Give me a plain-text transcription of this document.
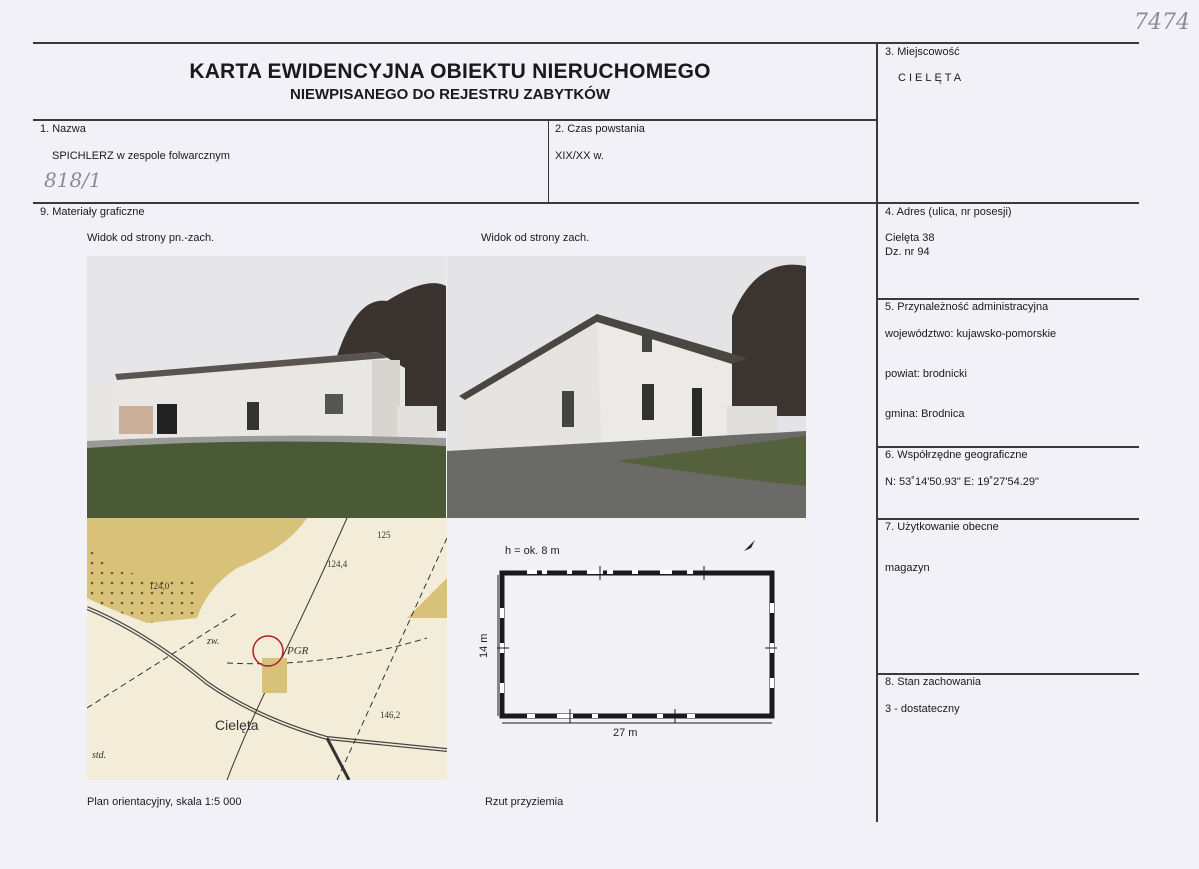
7474
KARTA EWIDENCYJNA OBIEKTU NIERUCHOMEGO
NIEWPISANEGO DO REJESTRU ZABYTKÓW
1. Nazwa
SPICHLERZ w zespole folwarcznym
818/1
2. Czas powstania
XIX/XX w.
3. Miejscowość
CIELĘTA
4. Adres (ulica, nr posesji)
Cielęta 38
Dz. nr 94
5. Przynależność administracyjna
województwo: kujawsko-pomorskie
powiat: brodnicki
gmina: Brodnica
6. Współrzędne geograficzne
N: 53˚14'50.93" E: 19˚27'54.29"
7. Użytkowanie obecne
magazyn
8. Stan zachowania
3 - dostateczny
9. Materiały graficzne
Widok od strony pn.-zach.	Widok od strony zach.
Plan orientacyjny, skala 1:5 000	Rzut przyziemia
124,0
124,4
125
zw.
PGR
Cielęta
146,2
std.
h = ok. 8 m
27 m
14 m
